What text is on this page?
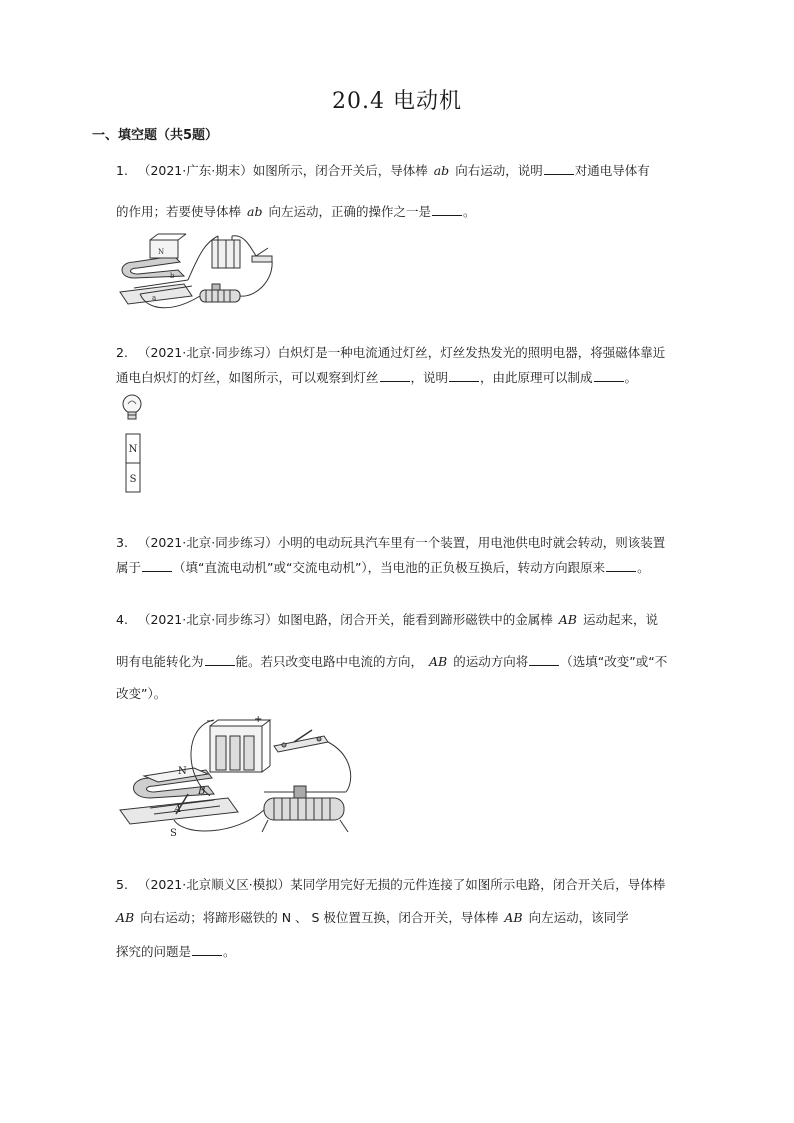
20.4 电动机
一、填空题（共5题）
1. （2021·广东·期末）如图所示，闭合开关后，导体棒 ab 向右运动，说明	对通电导体有
的作用；若要使导体棒 ab 向左运动，正确的操作之一是	。
N
b
a
2. （2021·北京·同步练习）白炽灯是一种电流通过灯丝，灯丝发热发光的照明电器，将强磁体靠近
通电白炽灯的灯丝，如图所示，可以观察到灯丝	，说明	，由此原理可以制成	。
N
S
3. （2021·北京·同步练习）小明的电动玩具汽车里有一个装置，用电池供电时就会转动，则该装置
属于	（填“直流电动机”或“交流电动机”），当电池的正负极互换后，转动方向跟原来	。
4. （2021·北京·同步练习）如图电路，闭合开关，能看到蹄形磁铁中的金属棒 AB 运动起来，说
明有电能转化为	能。若只改变电路中电流的方向， AB 的运动方向将	（选填“改变”或“不
改变”）。
N
S
A
B
−	+
5. （2021·北京顺义区·模拟）某同学用完好无损的元件连接了如图所示电路，闭合开关后，导体棒
AB 向右运动；将蹄形磁铁的 N 、 S 极位置互换，闭合开关，导体棒 AB 向左运动，该同学
探究的问题是	。
